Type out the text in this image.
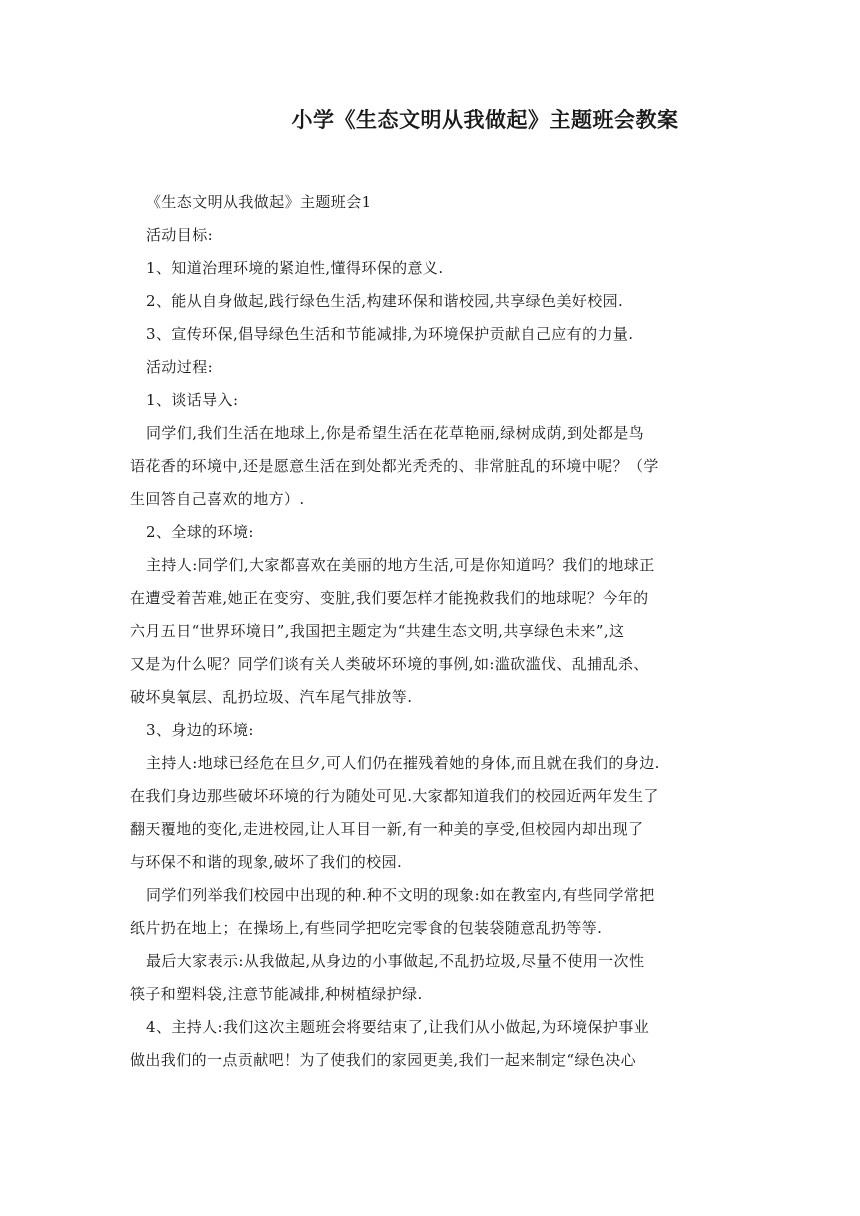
小学《生态文明从我做起》主题班会教案
《生态文明从我做起》主题班会1
活动目标:
1、知道治理环境的紧迫性,懂得环保的意义.
2、能从自身做起,践行绿色生活,构建环保和谐校园,共享绿色美好校园.
3、宣传环保,倡导绿色生活和节能减排,为环境保护贡献自己应有的力量.
活动过程:
1、谈话导入:
同学们,我们生活在地球上,你是希望生活在花草艳丽,绿树成荫,到处都是鸟
语花香的环境中,还是愿意生活在到处都光秃秃的、非常脏乱的环境中呢？（学
生回答自己喜欢的地方）.
2、全球的环境:
主持人:同学们,大家都喜欢在美丽的地方生活,可是你知道吗？我们的地球正
在遭受着苦难,她正在变穷、变脏,我们要怎样才能挽救我们的地球呢？今年的
六月五日“世界环境日”,我国把主题定为“共建生态文明,共享绿色未来”,这
又是为什么呢？同学们谈有关人类破坏环境的事例,如:滥砍滥伐、乱捕乱杀、
破坏臭氧层、乱扔垃圾、汽车尾气排放等.
3、身边的环境:
主持人:地球已经危在旦夕,可人们仍在摧残着她的身体,而且就在我们的身边.
在我们身边那些破坏环境的行为随处可见.大家都知道我们的校园近两年发生了
翻天覆地的变化,走进校园,让人耳目一新,有一种美的享受,但校园内却出现了
与环保不和谐的现象,破坏了我们的校园.
同学们列举我们校园中出现的种.种不文明的现象:如在教室内,有些同学常把
纸片扔在地上；在操场上,有些同学把吃完零食的包装袋随意乱扔等等.
最后大家表示:从我做起,从身边的小事做起,不乱扔垃圾,尽量不使用一次性
筷子和塑料袋,注意节能减排,种树植绿护绿.
4、主持人:我们这次主题班会将要结束了,让我们从小做起,为环境保护事业
做出我们的一点贡献吧！为了使我们的家园更美,我们一起来制定“绿色决心
